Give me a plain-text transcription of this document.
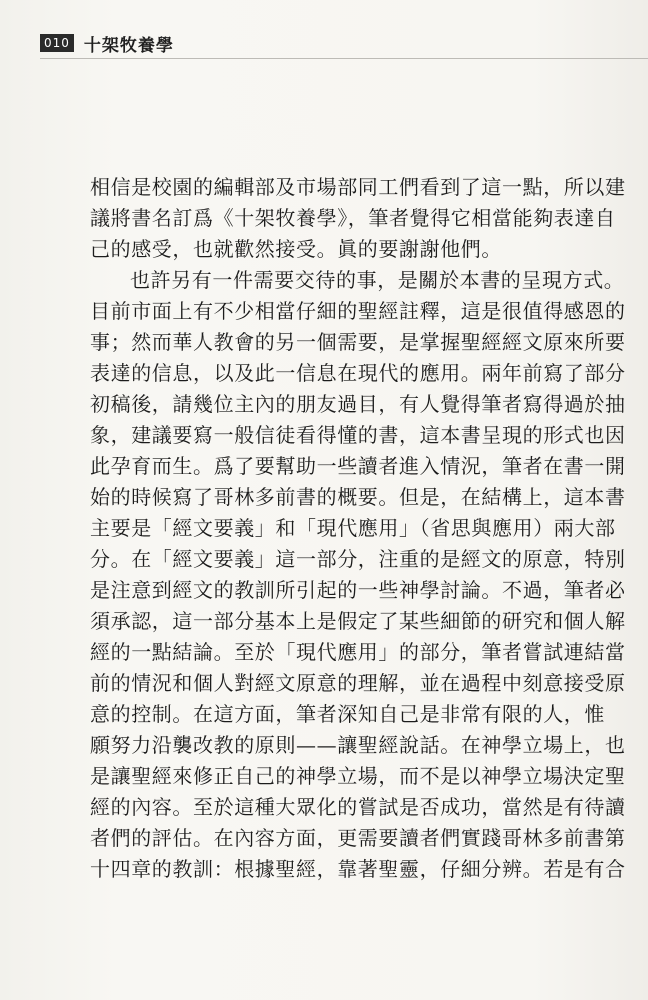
010 十架牧養學
相信是校園的編輯部及市場部同工們看到了這一點，所以建
議將書名訂爲《十架牧養學》，筆者覺得它相當能夠表達自
己的感受，也就歡然接受。眞的要謝謝他們。
也許另有一件需要交待的事，是關於本書的呈現方式。
目前市面上有不少相當仔細的聖經註釋，這是很值得感恩的
事；然而華人教會的另一個需要，是掌握聖經經文原來所要
表達的信息，以及此一信息在現代的應用。兩年前寫了部分
初稿後，請幾位主內的朋友過目，有人覺得筆者寫得過於抽
象，建議要寫一般信徒看得懂的書，這本書呈現的形式也因
此孕育而生。爲了要幫助一些讀者進入情況，筆者在書一開
始的時候寫了哥林多前書的概要。但是，在結構上，這本書
主要是「經文要義」和「現代應用」（省思與應用）兩大部
分。在「經文要義」這一部分，注重的是經文的原意，特別
是注意到經文的教訓所引起的一些神學討論。不過，筆者必
須承認，這一部分基本上是假定了某些細節的研究和個人解
經的一點結論。至於「現代應用」的部分，筆者嘗試連結當
前的情況和個人對經文原意的理解，並在過程中刻意接受原
意的控制。在這方面，筆者深知自己是非常有限的人，惟
願努力沿襲改教的原則——讓聖經說話。在神學立場上，也
是讓聖經來修正自己的神學立場，而不是以神學立場決定聖
經的內容。至於這種大眾化的嘗試是否成功，當然是有待讀
者們的評估。在內容方面，更需要讀者們實踐哥林多前書第
十四章的教訓：根據聖經，靠著聖靈，仔細分辨。若是有合
